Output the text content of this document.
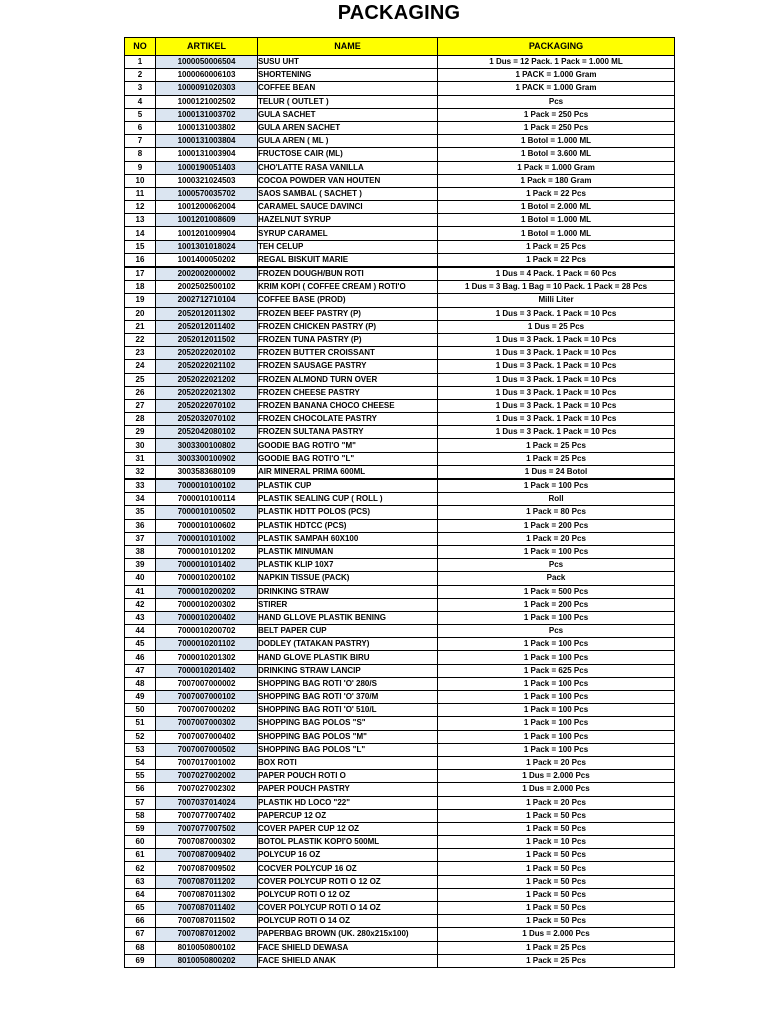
PACKAGING
NO	ARTIKEL	NAME	PACKAGING
1	1000050006504	SUSU UHT	1 Dus = 12 Pack. 1 Pack = 1.000 ML
2	1000060006103	SHORTENING	1 PACK = 1.000 Gram
3	1000091020303	COFFEE BEAN	1 PACK = 1.000 Gram
4	1000121002502	TELUR ( OUTLET )	Pcs
5	1000131003702	GULA SACHET	1 Pack = 250 Pcs
6	1000131003802	GULA AREN SACHET	1 Pack = 250 Pcs
7	1000131003804	GULA AREN ( ML )	1 Botol = 1.000 ML
8	1000131003904	FRUCTOSE CAIR (ML)	1 Botol = 3.600 ML
9	1000190051403	CHO'LATTE RASA VANILLA	1 Pack = 1.000 Gram
10	1000321024503	COCOA POWDER VAN HOUTEN	1 Pack = 180 Gram
11	1000570035702	SAOS SAMBAL ( SACHET )	1 Pack = 22 Pcs
12	1001200062004	CARAMEL SAUCE DAVINCI	1 Botol = 2.000 ML
13	1001201008609	HAZELNUT SYRUP	1 Botol = 1.000 ML
14	1001201009904	SYRUP CARAMEL	1 Botol = 1.000 ML
15	1001301018024	TEH CELUP	1 Pack = 25 Pcs
16	1001400050202	REGAL BISKUIT MARIE	1 Pack = 22 Pcs
17	2002002000002	FROZEN DOUGH/BUN ROTI	1 Dus = 4 Pack. 1 Pack = 60 Pcs
18	2002502500102	KRIM KOPI ( COFFEE CREAM ) ROTI'O	1 Dus = 3 Bag. 1 Bag = 10 Pack. 1 Pack = 28 Pcs
19	2002712710104	COFFEE BASE (PROD)	Milli Liter
20	2052012011302	FROZEN BEEF PASTRY (P)	1 Dus = 3 Pack. 1 Pack = 10 Pcs
21	2052012011402	FROZEN CHICKEN PASTRY (P)	1 Dus = 25 Pcs
22	2052012011502	FROZEN TUNA PASTRY (P)	1 Dus = 3 Pack. 1 Pack = 10 Pcs
23	2052022020102	FROZEN BUTTER CROISSANT	1 Dus = 3 Pack. 1 Pack = 10 Pcs
24	2052022021102	FROZEN SAUSAGE PASTRY	1 Dus = 3 Pack. 1 Pack = 10 Pcs
25	2052022021202	FROZEN ALMOND TURN OVER	1 Dus = 3 Pack. 1 Pack = 10 Pcs
26	2052022021302	FROZEN CHEESE PASTRY	1 Dus = 3 Pack. 1 Pack = 10 Pcs
27	2052022070102	FROZEN BANANA CHOCO CHEESE	1 Dus = 3 Pack. 1 Pack = 10 Pcs
28	2052032070102	FROZEN CHOCOLATE PASTRY	1 Dus = 3 Pack. 1 Pack = 10 Pcs
29	2052042080102	FROZEN SULTANA PASTRY	1 Dus = 3 Pack. 1 Pack = 10 Pcs
30	3003300100802	GOODIE BAG ROTI'O "M"	1 Pack = 25 Pcs
31	3003300100902	GOODIE BAG ROTI'O "L"	1 Pack = 25 Pcs
32	3003583680109	AIR MINERAL PRIMA 600ML	1 Dus = 24 Botol
33	7000010100102	PLASTIK CUP	1 Pack = 100 Pcs
34	7000010100114	PLASTIK SEALING CUP ( ROLL )	Roll
35	7000010100502	PLASTIK HDTT POLOS (PCS)	1 Pack = 80 Pcs
36	7000010100602	PLASTIK HDTCC (PCS)	1 Pack = 200 Pcs
37	7000010101002	PLASTIK SAMPAH 60X100	1 Pack = 20 Pcs
38	7000010101202	PLASTIK MINUMAN	1 Pack = 100 Pcs
39	7000010101402	PLASTIK KLIP 10X7	Pcs
40	7000010200102	NAPKIN TISSUE (PACK)	Pack
41	7000010200202	DRINKING STRAW	1 Pack = 500 Pcs
42	7000010200302	STIRER	1 Pack = 200 Pcs
43	7000010200402	HAND GLLOVE PLASTIK BENING	1 Pack = 100 Pcs
44	7000010200702	BELT PAPER CUP	Pcs
45	7000010201102	DODLEY (TATAKAN PASTRY)	1 Pack = 100 Pcs
46	7000010201302	HAND GLOVE PLASTIK BIRU	1 Pack = 100 Pcs
47	7000010201402	DRINKING STRAW LANCIP	1 Pack = 625 Pcs
48	7007007000002	SHOPPING BAG ROTI 'O' 280/S	1 Pack = 100 Pcs
49	7007007000102	SHOPPING BAG ROTI 'O' 370/M	1 Pack = 100 Pcs
50	7007007000202	SHOPPING BAG ROTI 'O' 510/L	1 Pack = 100 Pcs
51	7007007000302	SHOPPING BAG POLOS "S"	1 Pack = 100 Pcs
52	7007007000402	SHOPPING BAG POLOS "M"	1 Pack = 100 Pcs
53	7007007000502	SHOPPING BAG POLOS "L"	1 Pack = 100 Pcs
54	7007017001002	BOX ROTI	1 Pack = 20 Pcs
55	7007027002002	PAPER POUCH ROTI O	1 Dus = 2.000 Pcs
56	7007027002302	PAPER POUCH PASTRY	1 Dus = 2.000 Pcs
57	7007037014024	PLASTIK HD LOCO "22"	1 Pack = 20 Pcs
58	7007077007402	PAPERCUP 12 OZ	1 Pack = 50 Pcs
59	7007077007502	COVER PAPER CUP 12 OZ	1 Pack = 50 Pcs
60	7007087000302	BOTOL PLASTIK KOPI'O 500ML	1 Pack = 10 Pcs
61	7007087009402	POLYCUP 16 OZ	1 Pack = 50 Pcs
62	7007087009502	COCVER POLYCUP 16 OZ	1 Pack = 50 Pcs
63	7007087011202	COVER POLYCUP ROTI O 12 OZ	1 Pack = 50 Pcs
64	7007087011302	POLYCUP ROTI O 12 OZ	1 Pack = 50 Pcs
65	7007087011402	COVER POLYCUP ROTI O 14 OZ	1 Pack = 50 Pcs
66	7007087011502	POLYCUP ROTI O 14 OZ	1 Pack = 50 Pcs
67	7007087012002	PAPERBAG BROWN (UK. 280x215x100)	1 Dus = 2.000 Pcs
68	8010050800102	FACE SHIELD DEWASA	1 Pack = 25 Pcs
69	8010050800202	FACE SHIELD ANAK	1 Pack = 25 Pcs
